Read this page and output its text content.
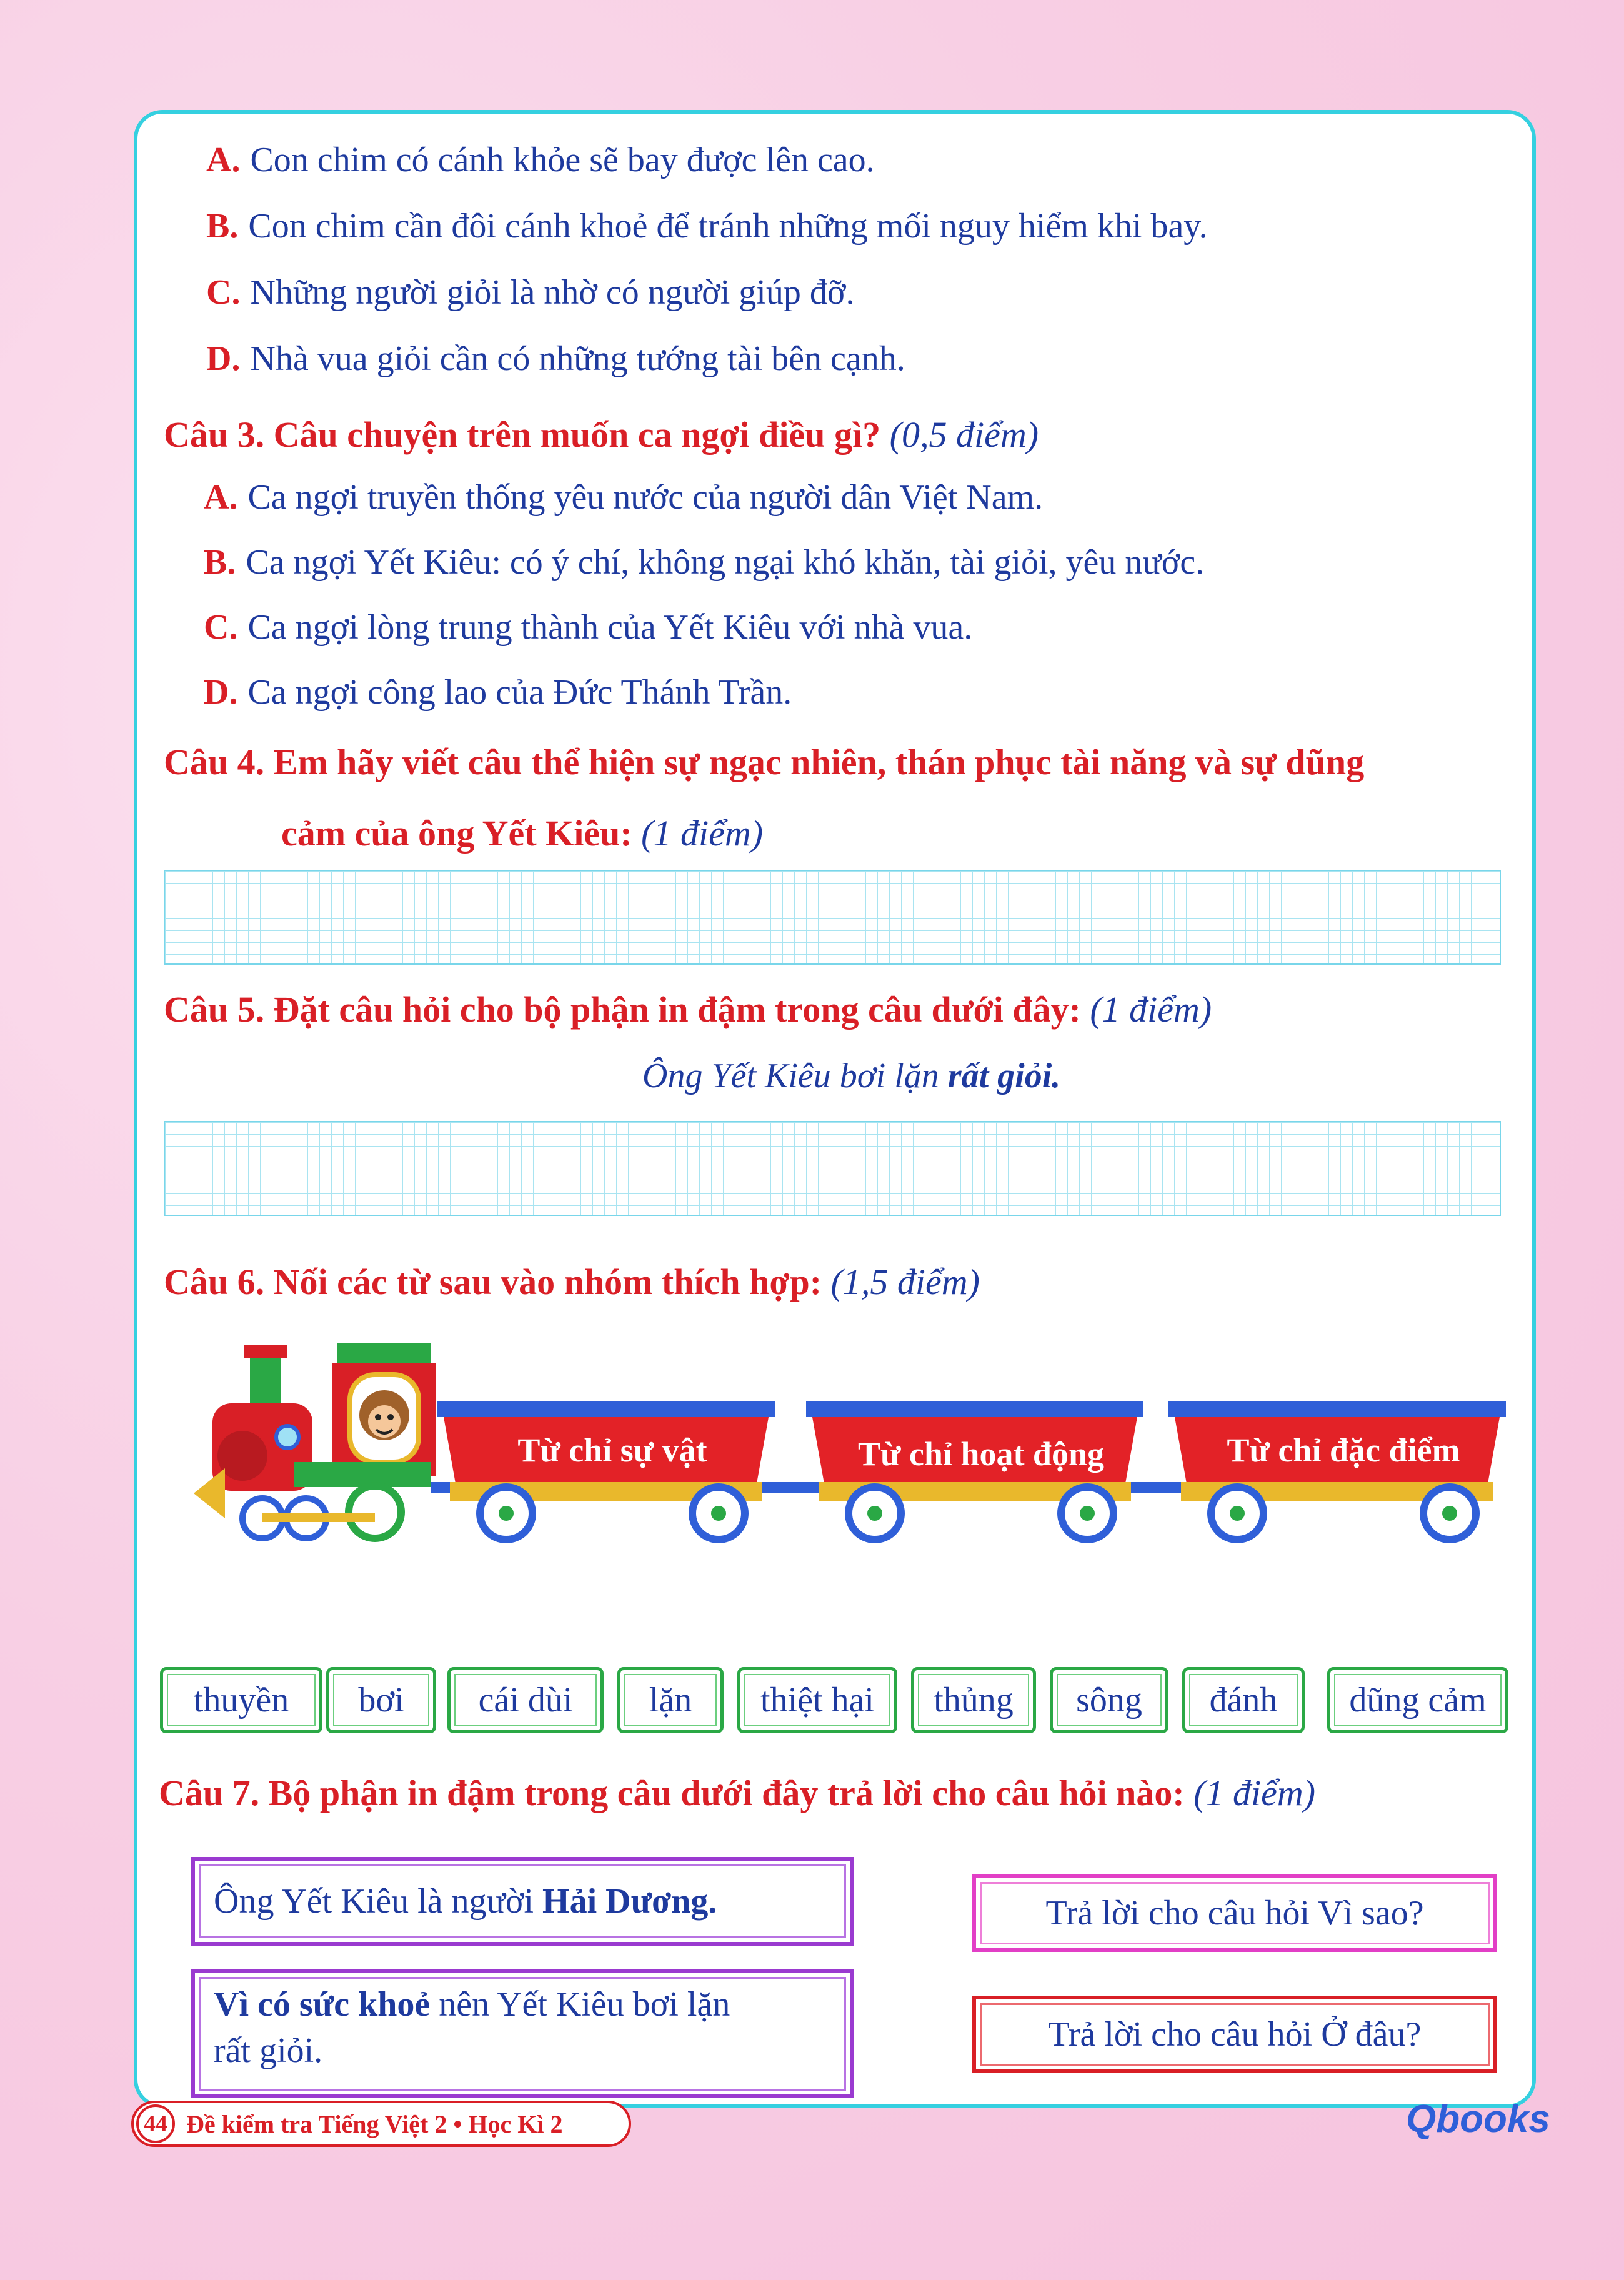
A. Con chim có cánh khỏe sẽ bay được lên cao.
B. Con chim cần đôi cánh khoẻ để tránh những mối nguy hiểm khi bay.
C. Những người giỏi là nhờ có người giúp đỡ.
D. Nhà vua giỏi cần có những tướng tài bên cạnh.
Câu 3. Câu chuyện trên muốn ca ngợi điều gì? (0,5 điểm)
A. Ca ngợi truyền thống yêu nước của người dân Việt Nam.
B. Ca ngợi Yết Kiêu: có ý chí, không ngại khó khăn, tài giỏi, yêu nước.
C. Ca ngợi lòng trung thành của Yết Kiêu với nhà vua.
D. Ca ngợi công lao của Đức Thánh Trần.
Câu 4. Em hãy viết câu thể hiện sự ngạc nhiên, thán phục tài năng và sự dũng
cảm của ông Yết Kiêu: (1 điểm)
Câu 5. Đặt câu hỏi cho bộ phận in đậm trong câu dưới đây: (1 điểm)
Ông Yết Kiêu bơi lặn rất giỏi.
Câu 6. Nối các từ sau vào nhóm thích hợp: (1,5 điểm)
Từ chỉ sự vật	Từ chỉ hoạt động	Từ chỉ đặc điểm
thuyền	bơi	cái dùi	lặn	thiệt hại	thủng	sông	đánh	dũng cảm
Câu 7. Bộ phận in đậm trong câu dưới đây trả lời cho câu hỏi nào: (1 điểm)
Ông Yết Kiêu là người Hải Dương.
Vì có sức khoẻ nên Yết Kiêu bơi lặn
rất giỏi.
Trả lời cho câu hỏi Vì sao?
Trả lời cho câu hỏi Ở đâu?
44 Đề kiểm tra Tiếng Việt 2 • Học Kì 2	Qbooks
